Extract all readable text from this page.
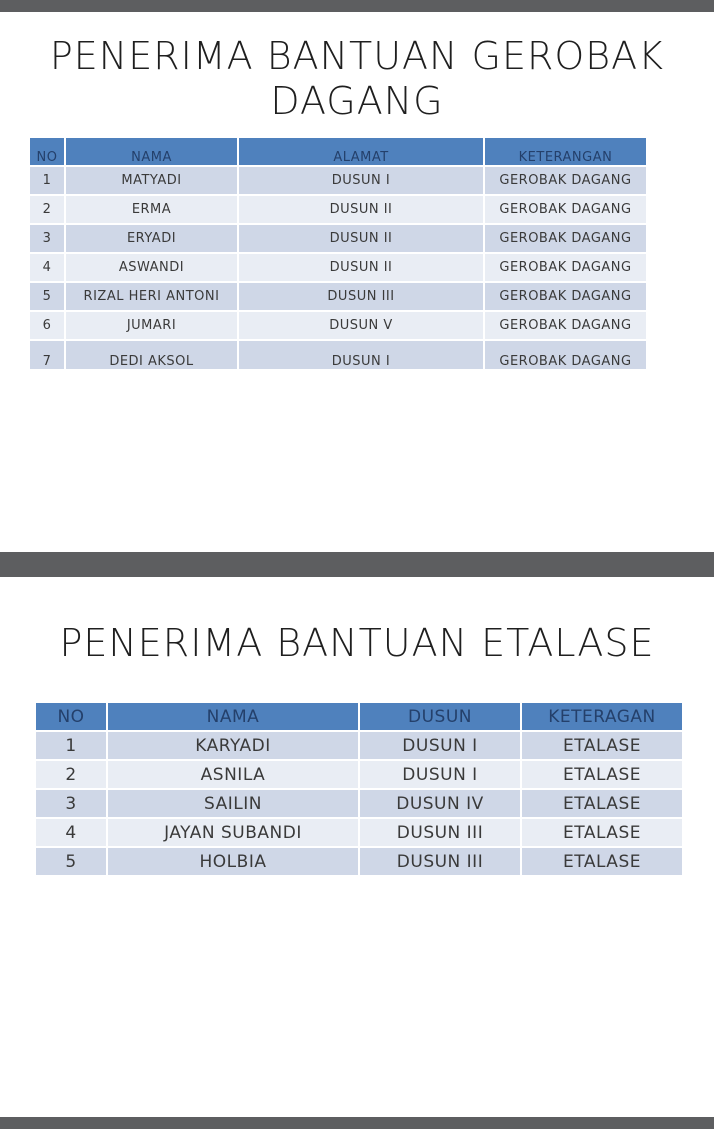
PENERIMA BANTUAN GEROBAK DAGANG
NO	NAMA	ALAMAT	KETERANGAN
1	MATYADI	DUSUN I	GEROBAK DAGANG
2	ERMA	DUSUN II	GEROBAK DAGANG
3	ERYADI	DUSUN II	GEROBAK DAGANG
4	ASWANDI	DUSUN II	GEROBAK DAGANG
5	RIZAL HERI ANTONI	DUSUN III	GEROBAK DAGANG
6	JUMARI	DUSUN V	GEROBAK DAGANG
7	DEDI AKSOL	DUSUN I	GEROBAK DAGANG
PENERIMA BANTUAN ETALASE
NO	NAMA	DUSUN	KETERAGAN
1	KARYADI	DUSUN I	ETALASE
2	ASNILA	DUSUN I	ETALASE
3	SAILIN	DUSUN IV	ETALASE
4	JAYAN SUBANDI	DUSUN III	ETALASE
5	HOLBIA	DUSUN III	ETALASE
